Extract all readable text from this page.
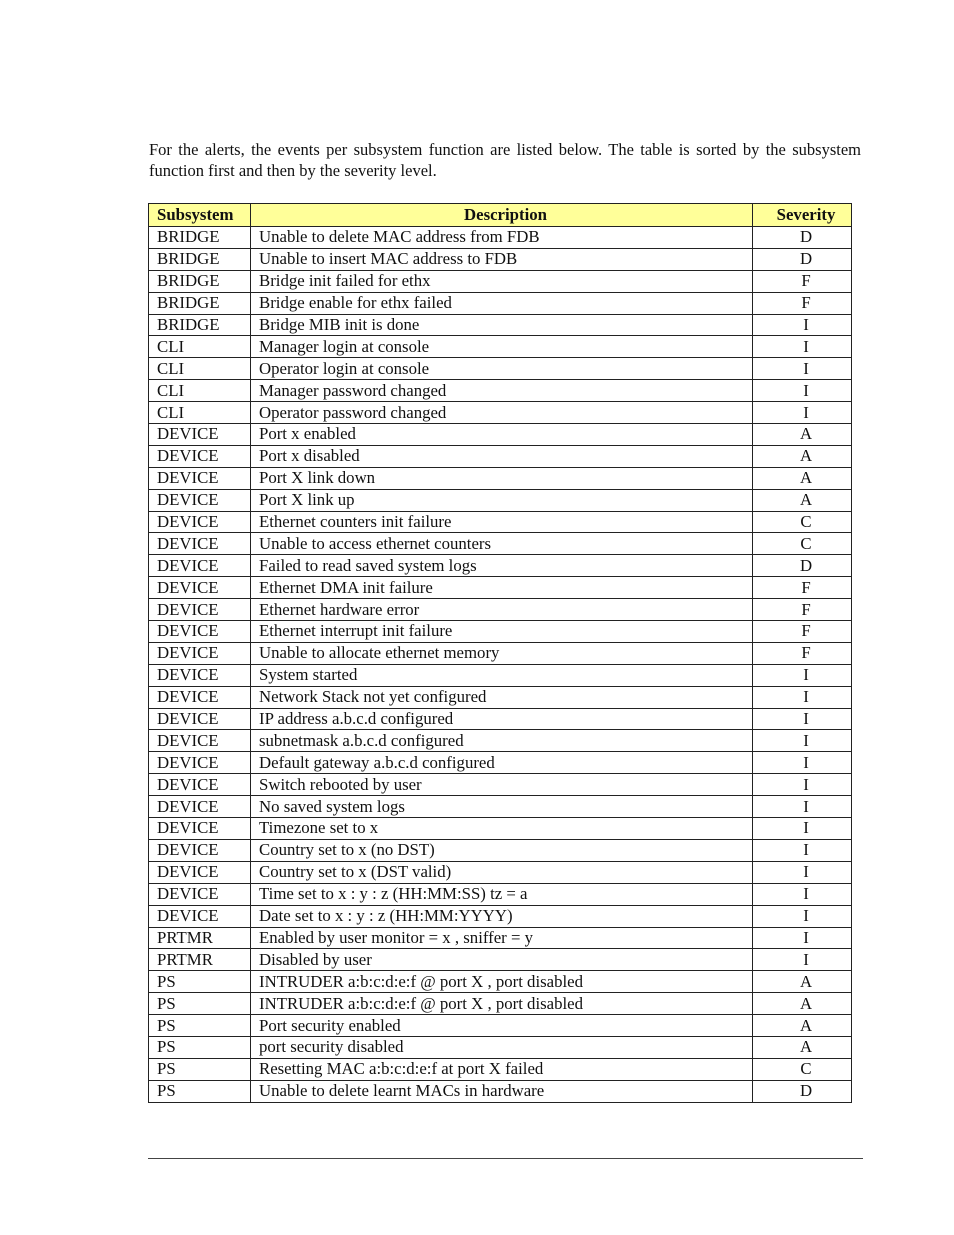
For the alerts, the events per subsystem function are listed below. The table is sorted by the subsystem function first and then by the severity level.

Subsystem	Description	Severity
BRIDGE	Unable to delete MAC address from FDB	D
BRIDGE	Unable to insert MAC address to FDB	D
BRIDGE	Bridge init failed for ethx	F
BRIDGE	Bridge enable for ethx failed	F
BRIDGE	Bridge MIB init is done	I
CLI	Manager login at console	I
CLI	Operator login at console	I
CLI	Manager password changed	I
CLI	Operator password changed	I
DEVICE	Port x enabled	A
DEVICE	Port x disabled	A
DEVICE	Port X link down	A
DEVICE	Port X link up	A
DEVICE	Ethernet counters init failure	C
DEVICE	Unable to access ethernet counters	C
DEVICE	Failed to read saved system logs	D
DEVICE	Ethernet DMA init failure	F
DEVICE	Ethernet hardware error	F
DEVICE	Ethernet interrupt init failure	F
DEVICE	Unable to allocate ethernet memory	F
DEVICE	System started	I
DEVICE	Network Stack not yet configured	I
DEVICE	IP address a.b.c.d configured	I
DEVICE	subnetmask a.b.c.d configured	I
DEVICE	Default gateway a.b.c.d configured	I
DEVICE	Switch rebooted by user	I
DEVICE	No saved system logs	I
DEVICE	Timezone set to x	I
DEVICE	Country set to x (no DST)	I
DEVICE	Country set to x (DST valid)	I
DEVICE	Time set to x : y : z (HH:MM:SS) tz = a	I
DEVICE	Date set to x : y : z (HH:MM:YYYY)	I
PRTMR	Enabled by user monitor = x , sniffer = y	I
PRTMR	Disabled by user	I
PS	INTRUDER a:b:c:d:e:f @ port X , port disabled	A
PS	INTRUDER a:b:c:d:e:f @ port X , port disabled	A
PS	Port security enabled	A
PS	port security disabled	A
PS	Resetting MAC a:b:c:d:e:f at port X failed	C
PS	Unable to delete learnt MACs in hardware	D
